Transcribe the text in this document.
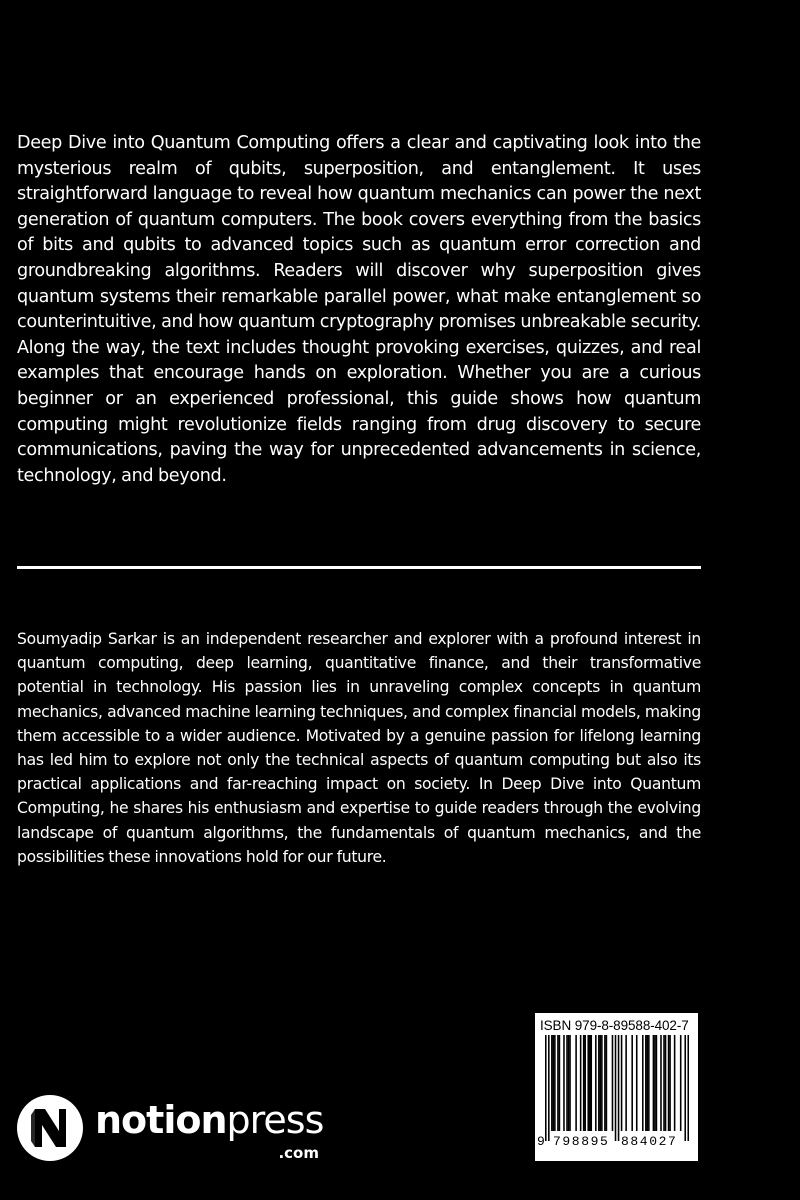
Deep Dive into Quantum Computing offers a clear and captivating look into the mysterious realm of qubits, superposition, and entanglement. It uses straightforward language to reveal how quantum mechanics can power the next generation of quantum computers. The book covers everything from the basics of bits and qubits to advanced topics such as quantum error correction and groundbreaking algorithms. Readers will discover why superposition gives quantum systems their remarkable parallel power, what make entanglement so counterintuitive, and how quantum cryptography promises unbreakable security. Along the way, the text includes thought provoking exercises, quizzes, and real examples that encourage hands on exploration. Whether you are a curious beginner or an experienced professional, this guide shows how quantum computing might revolutionize fields ranging from drug discovery to secure communications, paving the way for unprecedented advancements in science, technology, and beyond.

Soumyadip Sarkar is an independent researcher and explorer with a profound interest in quantum computing, deep learning, quantitative finance, and their transformative potential in technology. His passion lies in unraveling complex concepts in quantum mechanics, advanced machine learning techniques, and complex financial models, making them accessible to a wider audience. Motivated by a genuine passion for lifelong learning has led him to explore not only the technical aspects of quantum computing but also its practical applications and far-reaching impact on society. In Deep Dive into Quantum Computing, he shares his enthusiasm and expertise to guide readers through the evolving landscape of quantum algorithms, the fundamentals of quantum mechanics, and the possibilities these innovations hold for our future.

notionpress
.com
ISBN 979-8-89588-402-7
9 798895 884027
